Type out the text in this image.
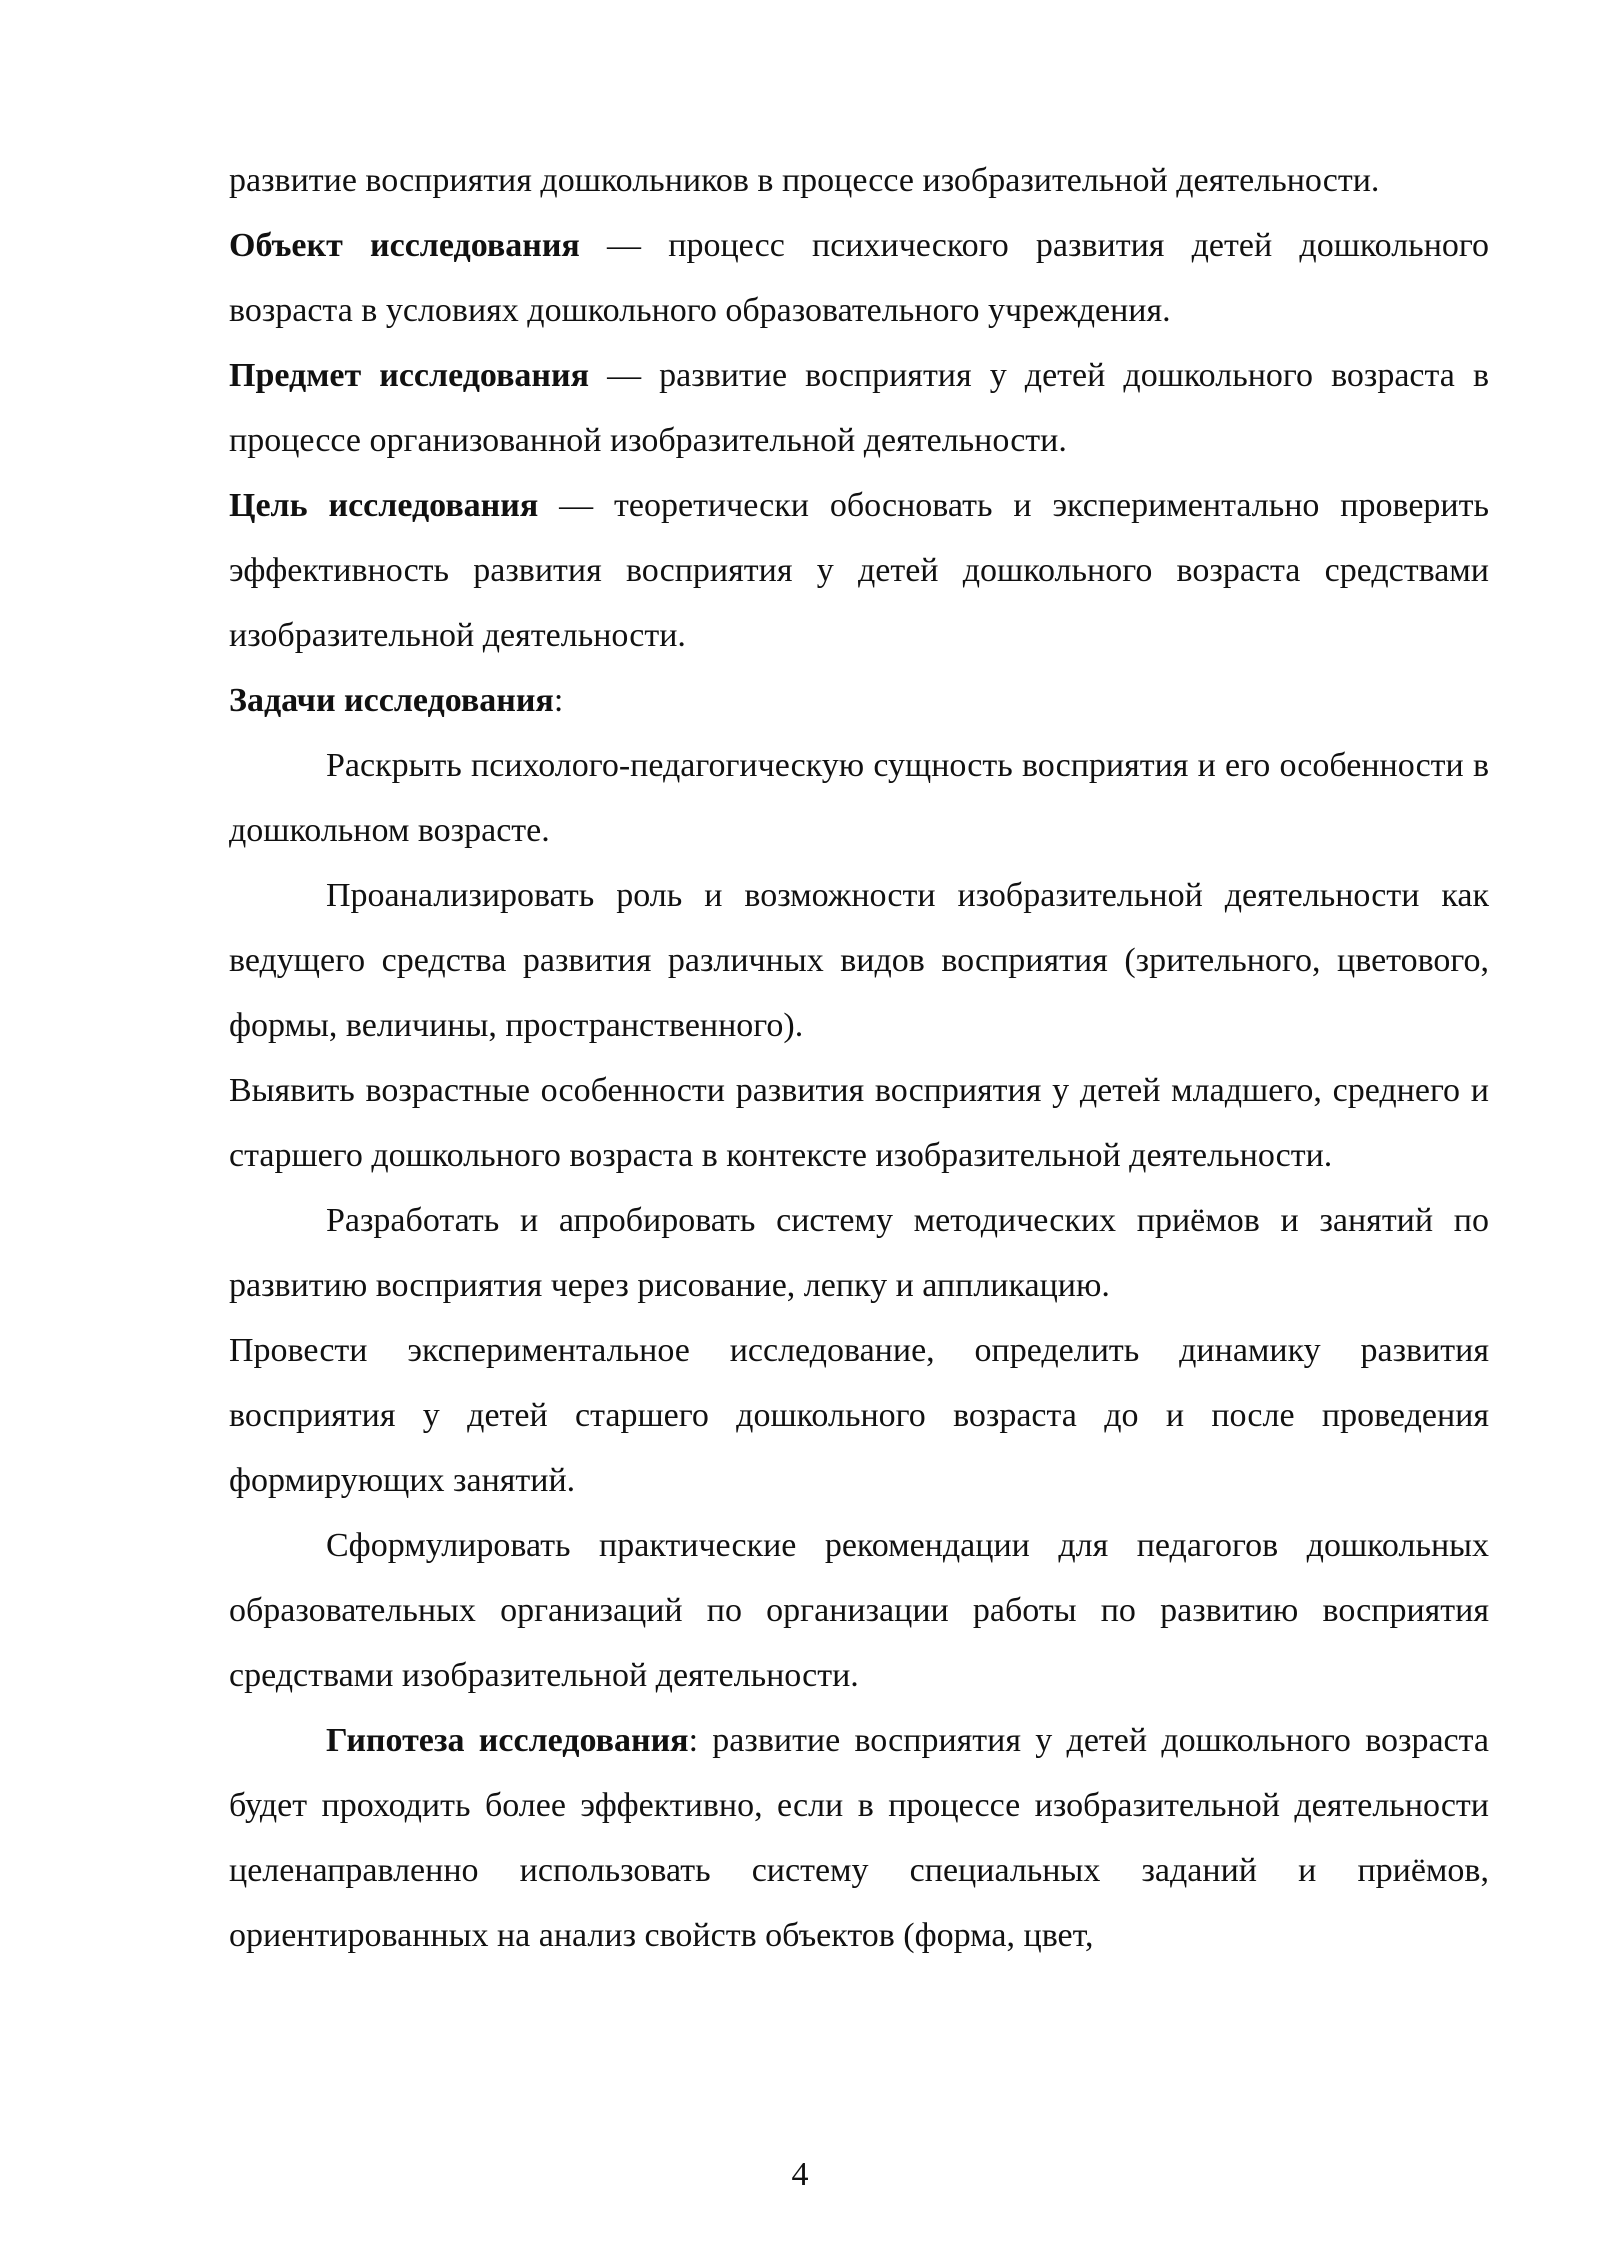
развитие восприятия дошкольников в процессе изобразительной деятельности.

Объект исследования — процесс психического развития детей дошкольного возраста в условиях дошкольного образовательного учреждения.

Предмет исследования — развитие восприятия у детей дошкольного возраста в процессе организованной изобразительной деятельности.

Цель исследования — теоретически обосновать и экспериментально проверить эффективность развития восприятия у детей дошкольного возраста средствами изобразительной деятельности.

Задачи исследования:

Раскрыть психолого-педагогическую сущность восприятия и его особенности в дошкольном возрасте.

Проанализировать роль и возможности изобразительной деятельности как ведущего средства развития различных видов восприятия (зрительного, цветового, формы, величины, пространственного).

Выявить возрастные особенности развития восприятия у детей младшего, среднего и старшего дошкольного возраста в контексте изобразительной деятельности.

Разработать и апробировать систему методических приёмов и занятий по развитию восприятия через рисование, лепку и аппликацию.

Провести экспериментальное исследование, определить динамику развития восприятия у детей старшего дошкольного возраста до и после проведения формирующих занятий.

Сформулировать практические рекомендации для педагогов дошкольных образовательных организаций по организации работы по развитию восприятия средствами изобразительной деятельности.

Гипотеза исследования: развитие восприятия у детей дошкольного возраста будет проходить более эффективно, если в процессе изобразительной деятельности целенаправленно использовать систему специальных заданий и приёмов, ориентированных на анализ свойств объектов (форма, цвет,

4
